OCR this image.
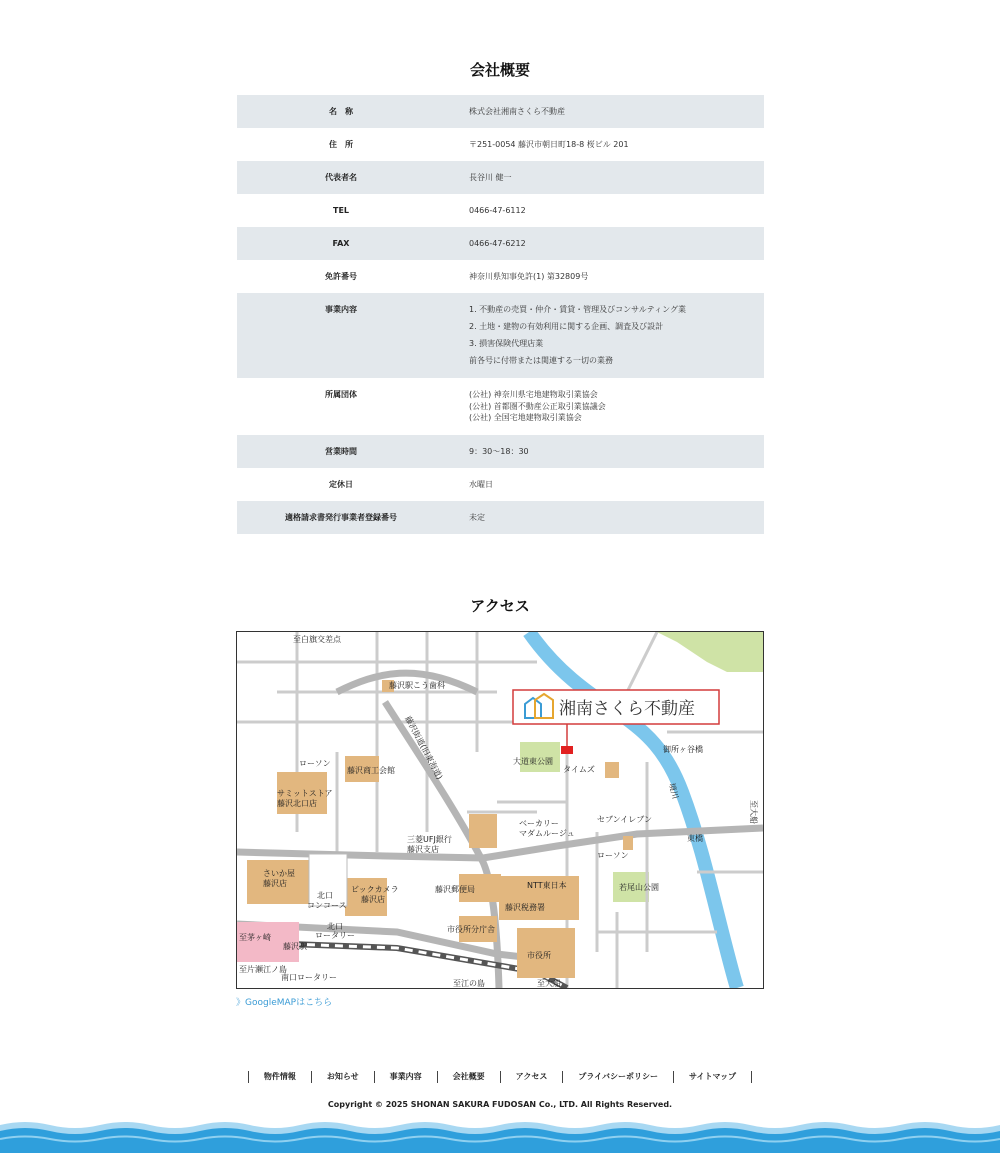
会社概要
名　称	株式会社湘南さくら不動産
住　所	〒251-0054 藤沢市朝日町18-8 桜ビル 201
代表者名	長谷川 健一
TEL	0466-47-6112
FAX	0466-47-6212
免許番号	神奈川県知事免許(1) 第32809号
事業内容	1. 不動産の売買・仲介・賃貸・管理及びコンサルティング業
2. 土地・建物の有効利用に関する企画、調査及び設計
3. 損害保険代理店業
前各号に付帯または関連する一切の業務

所属団体	(公社) 神奈川県宅地建物取引業協会
(公社) 首都圏不動産公正取引業協議会
(公社) 全国宅地建物取引業協会

営業時間	9：30〜18：30
定休日	水曜日
適格請求書発行事業者登録番号	未定
アクセス
湘南さくら不動産
至白旗交差点
藤沢駅こう歯科
藤沢街道(旧東海道)
ローソン
藤沢商工会館
サミットストア
藤沢北口店
大道東公園
タイムズ
御所ヶ谷橋
境川
至大船
三菱UFJ銀行
藤沢支店
ベーカリー
マダムルージュ
セブンイレブン
東橋
ローソン
さいか屋
藤沢店
北口
コンコース
ビックカメラ
藤沢店
藤沢郵便局	NTT東日本
藤沢税務署
若尾山公園
北口
ロータリー
至茅ヶ崎
藤沢駅
市役所分庁舎
市役所
至片瀬江ノ島
南口ロータリー
至江の島	至大船
》GoogleMAPはこちら
物件情報	お知らせ	事業内容	会社概要	アクセス	プライバシーポリシー	サイトマップ
Copyright © 2025 SHONAN SAKURA FUDOSAN Co., LTD. All Rights Reserved.
